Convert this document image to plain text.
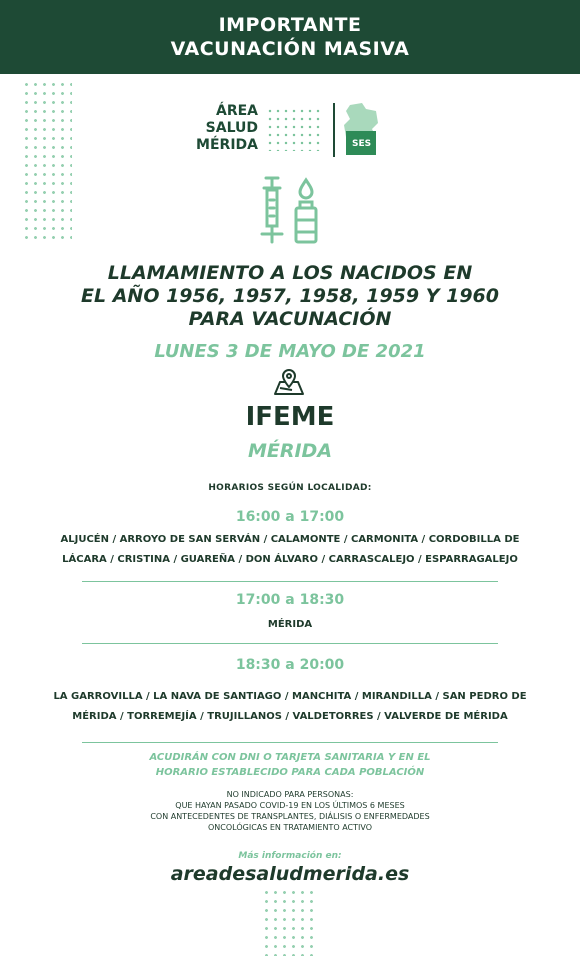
IMPORTANTE
VACUNACIÓN MASIVA
ÁREA
SALUD
MÉRIDA	SES
LLAMAMIENTO A LOS NACIDOS EN
EL AÑO 1956, 1957, 1958, 1959 Y 1960
PARA VACUNACIÓN
LUNES 3 DE MAYO DE 2021
IFEME
MÉRIDA
HORARIOS SEGÚN LOCALIDAD:
16:00 a 17:00
ALJUCÉN / ARROYO DE SAN SERVÁN / CALAMONTE / CARMONITA / CORDOBILLA DE
LÁCARA / CRISTINA / GUAREÑA / DON ÁLVARO / CARRASCALEJO / ESPARRAGALEJO
17:00 a 18:30
MÉRIDA
18:30 a 20:00
LA GARROVILLA / LA NAVA DE SANTIAGO / MANCHITA / MIRANDILLA / SAN PEDRO DE
MÉRIDA / TORREMEJÍA / TRUJILLANOS / VALDETORRES / VALVERDE DE MÉRIDA
ACUDIRÁN CON DNI O TARJETA SANITARIA Y EN EL
HORARIO ESTABLECIDO PARA CADA POBLACIÓN
NO INDICADO PARA PERSONAS:
QUE HAYAN PASADO COVID-19 EN LOS ÚLTIMOS 6 MESES
CON ANTECEDENTES DE TRANSPLANTES, DIÁLISIS O ENFERMEDADES
ONCOLÓGICAS EN TRATAMIENTO ACTIVO
Más información en:
areadesaludmerida.es
